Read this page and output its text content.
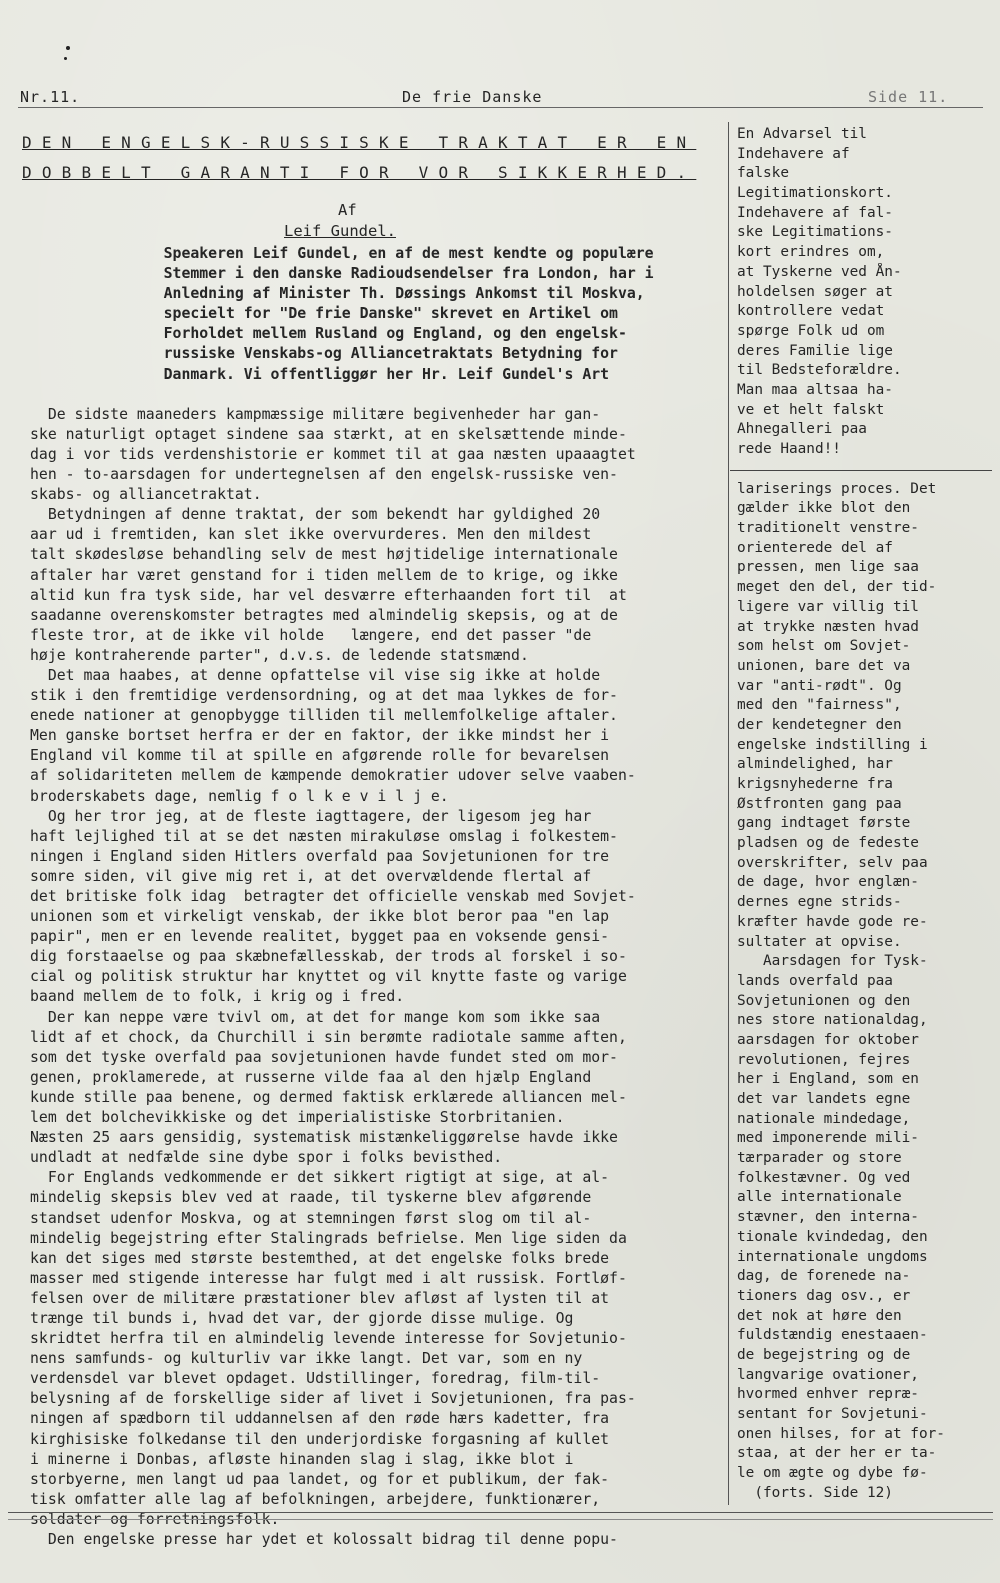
Nr.11.	De frie Danske	Side 11.
DEN ENGELSK-RUSSISKE TRAKTAT ER EN
DOBBELT GARANTI FOR VOR SIKKERHED.
Af
Leif Gundel.
Speakeren Leif Gundel, en af de mest kendte og populære
Stemmer i den danske Radioudsendelser fra London, har i
Anledning af Minister Th. Døssings Ankomst til Moskva,
specielt for "De frie Danske" skrevet en Artikel om
Forholdet mellem Rusland og England, og den engelsk-
russiske Venskabs-og Alliancetraktats Betydning for
Danmark. Vi offentliggør her Hr. Leif Gundel's Art
De sidste maaneders kampmæssige militære begivenheder har gan-
ske naturligt optaget sindene saa stærkt, at en skelsættende minde-
dag i vor tids verdenshistorie er kommet til at gaa næsten upaaagtet
hen - to-aarsdagen for undertegnelsen af den engelsk-russiske ven-
skabs- og alliancetraktat.
Betydningen af denne traktat, der som bekendt har gyldighed 20
aar ud i fremtiden, kan slet ikke overvurderes. Men den mildest
talt skødesløse behandling selv de mest højtidelige internationale
aftaler har været genstand for i tiden mellem de to krige, og ikke
altid kun fra tysk side, har vel desværre efterhaanden fort til  at
saadanne overenskomster betragtes med almindelig skepsis, og at de
fleste tror, at de ikke vil holde   længere, end det passer "de
høje kontraherende parter", d.v.s. de ledende statsmænd.
Det maa haabes, at denne opfattelse vil vise sig ikke at holde
stik i den fremtidige verdensordning, og at det maa lykkes de for-
enede nationer at genopbygge tilliden til mellemfolkelige aftaler.
Men ganske bortset herfra er der en faktor, der ikke mindst her i
England vil komme til at spille en afgørende rolle for bevarelsen
af solidariteten mellem de kæmpende demokratier udover selve vaaben-
broderskabets dage, nemlig f o l k e v i l j e.
Og her tror jeg, at de fleste iagttagere, der ligesom jeg har
haft lejlighed til at se det næsten mirakuløse omslag i folkestem-
ningen i England siden Hitlers overfald paa Sovjetunionen for tre
somre siden, vil give mig ret i, at det overvældende flertal af
det britiske folk idag  betragter det officielle venskab med Sovjet-
unionen som et virkeligt venskab, der ikke blot beror paa "en lap
papir", men er en levende realitet, bygget paa en voksende gensi-
dig forstaaelse og paa skæbnefællesskab, der trods al forskel i so-
cial og politisk struktur har knyttet og vil knytte faste og varige
baand mellem de to folk, i krig og i fred.
Der kan neppe være tvivl om, at det for mange kom som ikke saa
lidt af et chock, da Churchill i sin berømte radiotale samme aften,
som det tyske overfald paa sovjetunionen havde fundet sted om mor-
genen, proklamerede, at russerne vilde faa al den hjælp England
kunde stille paa benene, og dermed faktisk erklærede alliancen mel-
lem det bolchevikkiske og det imperialistiske Storbritanien.
Næsten 25 aars gensidig, systematisk mistænkeliggørelse havde ikke
undladt at nedfælde sine dybe spor i folks bevisthed.
For Englands vedkommende er det sikkert rigtigt at sige, at al-
mindelig skepsis blev ved at raade, til tyskerne blev afgørende
standset udenfor Moskva, og at stemningen først slog om til al-
mindelig begejstring efter Stalingrads befrielse. Men lige siden da
kan det siges med største bestemthed, at det engelske folks brede
masser med stigende interesse har fulgt med i alt russisk. Fortløf-
felsen over de militære præstationer blev afløst af lysten til at
trænge til bunds i, hvad det var, der gjorde disse mulige. Og
skridtet herfra til en almindelig levende interesse for Sovjetunio-
nens samfunds- og kulturliv var ikke langt. Det var, som en ny
verdensdel var blevet opdaget. Udstillinger, foredrag, film-til-
belysning af de forskellige sider af livet i Sovjetunionen, fra pas-
ningen af spædborn til uddannelsen af den røde hærs kadetter, fra
kirghisiske folkedanse til den underjordiske forgasning af kullet
i minerne i Donbas, afløste hinanden slag i slag, ikke blot i
storbyerne, men langt ud paa landet, og for et publikum, der fak-
tisk omfatter alle lag af befolkningen, arbejdere, funktionærer,
soldater og forretningsfolk.
Den engelske presse har ydet et kolossalt bidrag til denne popu-
En Advarsel til
Indehavere af
falske
Legitimationskort.
Indehavere af fal-
ske Legitimations-
kort erindres om,
at Tyskerne ved Ån-
holdelsen søger at
kontrollere vedat
spørge Folk ud om
deres Familie lige
til Bedsteforældre.
Man maa altsaa ha-
ve et helt falskt
Ahnegalleri paa
rede Haand!!
lariserings proces. Det
gælder ikke blot den
traditionelt venstre-
orienterede del af
pressen, men lige saa
meget den del, der tid-
ligere var villig til
at trykke næsten hvad
som helst om Sovjet-
unionen, bare det va
var "anti-rødt". Og
med den "fairness",
der kendetegner den
engelske indstilling i
almindelighed, har
krigsnyhederne fra
Østfronten gang paa
gang indtaget første
pladsen og de fedeste
overskrifter, selv paa
de dage, hvor englæn-
dernes egne strids-
kræfter havde gode re-
sultater at opvise.
Aarsdagen for Tysk-
lands overfald paa
Sovjetunionen og den
nes store nationaldag,
aarsdagen for oktober
revolutionen, fejres
her i England, som en
det var landets egne
nationale mindedage,
med imponerende mili-
tærparader og store
folkestævner. Og ved
alle internationale
stævner, den interna-
tionale kvindedag, den
internationale ungdoms
dag, de forenede na-
tioners dag osv., er
det nok at høre den
fuldstændig enestaaen-
de begejstring og de
langvarige ovationer,
hvormed enhver repræ-
sentant for Sovjetuni-
onen hilses, for at for-
staa, at der her er ta-
le om ægte og dybe fø-
(forts. Side 12)
